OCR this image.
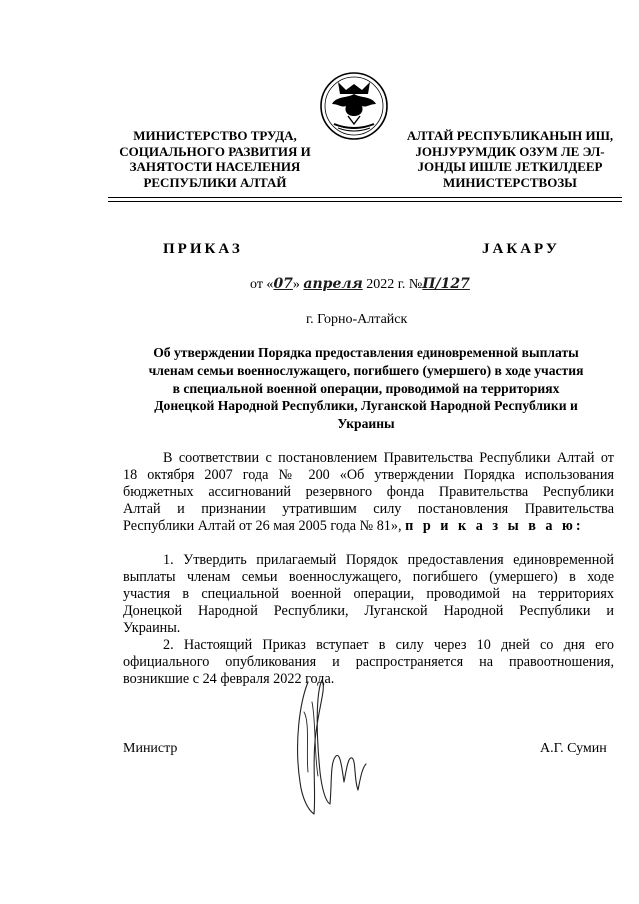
МИНИСТЕРСТВО ТРУДА,
СОЦИАЛЬНОГО РАЗВИТИЯ И
ЗАНЯТОСТИ НАСЕЛЕНИЯ
РЕСПУБЛИКИ АЛТАЙ
АЛТАЙ РЕСПУБЛИКАНЫН ИШ,
ЈОНЈУРУМДИК ОЗУМ ЛЕ ЭЛ-
ЈОНДЫ ИШЛЕ ЈЕТКИЛДЕЕР
МИНИСТЕРСТВОЗЫ
ПРИКАЗ	ЈАКАРУ
от «07» апреля 2022 г. №П/127
г. Горно-Алтайск
Об утверждении Порядка предоставления единовременной выплаты
членам семьи военнослужащего, погибшего (умершего) в ходе участия
в специальной военной операции, проводимой на территориях
Донецкой Народной Республики, Луганской Народной Республики и
Украины
В соответствии с постановлением Правительства Республики Алтай от
18 октября 2007 года № 200 «Об утверждении Порядка использования
бюджетных ассигнований резервного фонда Правительства Республики
Алтай и признании утратившим силу постановления Правительства
Республики Алтай от 26 мая 2005 года № 81», п р и к а з ы в а ю:
1. Утвердить прилагаемый Порядок предоставления единовременной
выплаты членам семьи военнослужащего, погибшего (умершего) в ходе
участия в специальной военной операции, проводимой на территориях
Донецкой Народной Республики, Луганской Народной Республики и
Украины.
2. Настоящий Приказ вступает в силу через 10 дней со дня его
официального опубликования и распространяется на правоотношения,
возникшие с 24 февраля 2022 года.
Министр	А.Г. Сумин
